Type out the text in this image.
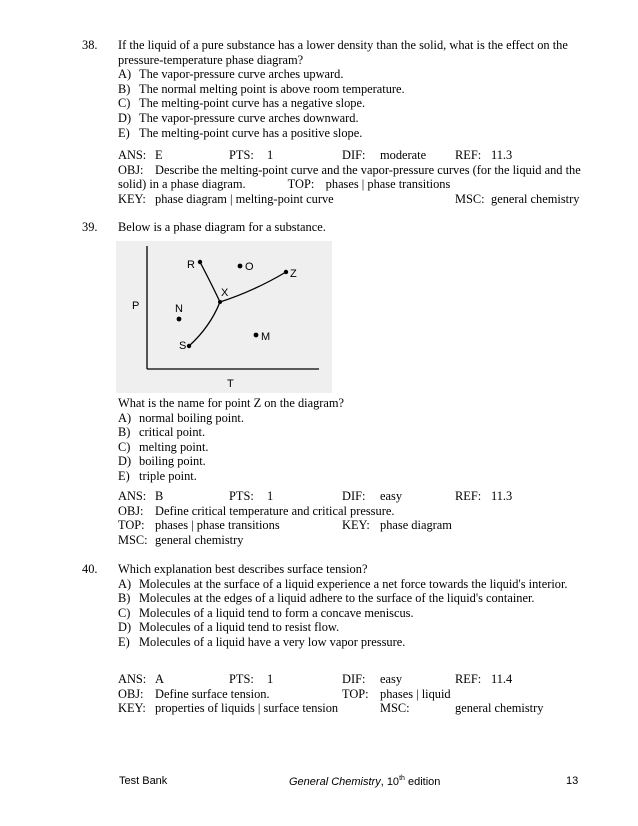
38. If the liquid of a pure substance has a lower density than the solid, what is the effect on the pressure-temperature phase diagram?
A) The vapor-pressure curve arches upward.
B) The normal melting point is above room temperature.
C) The melting-point curve has a negative slope.
D) The vapor-pressure curve arches downward.
E) The melting-point curve has a positive slope.
ANS: E	PTS: 1	DIF: moderate REF: 11.3
OBJ: Describe the melting-point curve and the vapor-pressure curves (for the liquid and the solid) in a phase diagram.	TOP: phases | phase transitions
KEY: phase diagram | melting-point curve	MSC: general chemistry
39. Below is a phase diagram for a substance.
R	O
Z
X
N
M
S
P
T
What is the name for point Z on the diagram?
A) normal boiling point.
B) critical point.
C) melting point.
D) boiling point.
E) triple point.
ANS: B	PTS: 1	DIF: easy	REF: 11.3
OBJ: Define critical temperature and critical pressure.
TOP: phases | phase transitions	KEY: phase diagram
MSC: general chemistry
40. Which explanation best describes surface tension?
A) Molecules at the surface of a liquid experience a net force towards the liquid's interior.
B) Molecules at the edges of a liquid adhere to the surface of the liquid's container.
C) Molecules of a liquid tend to form a concave meniscus.
D) Molecules of a liquid tend to resist flow.
E) Molecules of a liquid have a very low vapor pressure.
ANS: A	PTS: 1	DIF: easy	REF: 11.4
OBJ: Define surface tension.	TOP: phases | liquid
KEY: properties of liquids | surface tension	MSC:	general chemistry
Test Bank	General Chemistry, 10th edition	13
